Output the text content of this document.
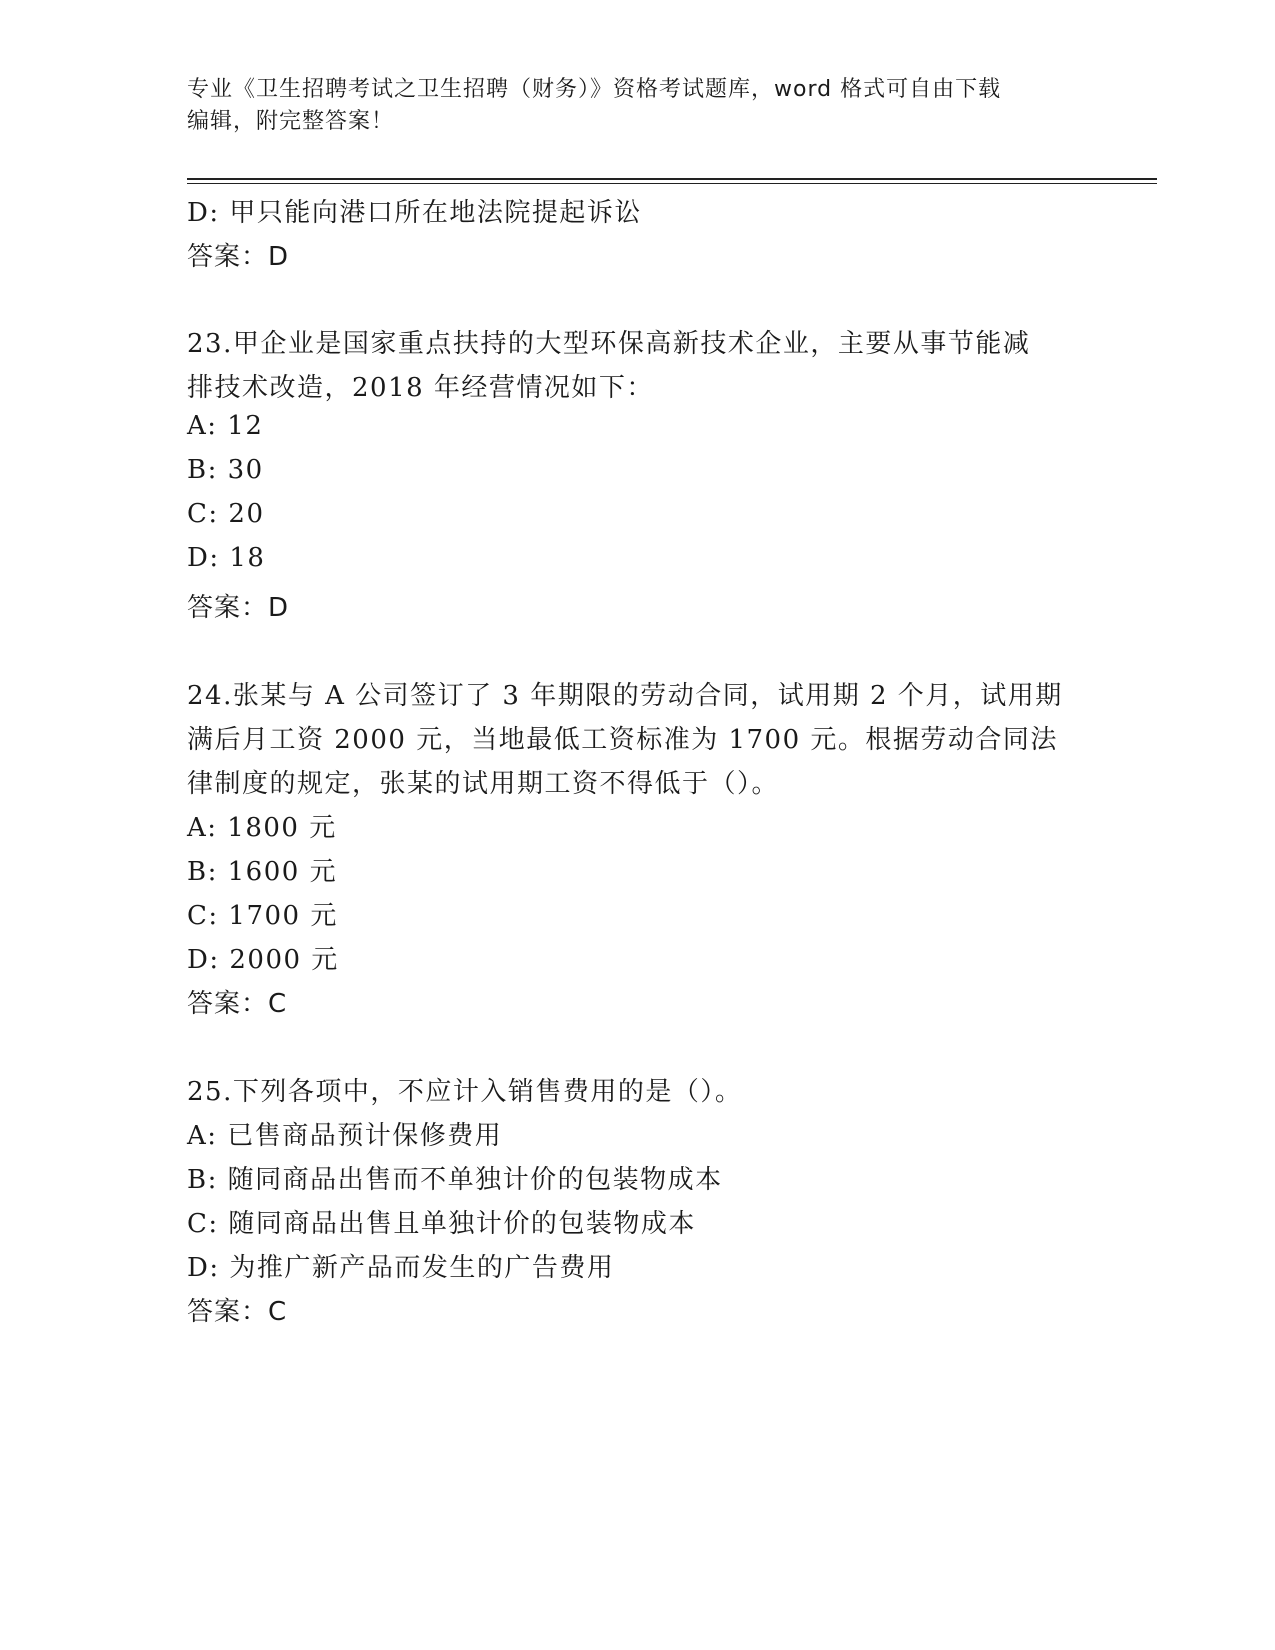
专业《卫生招聘考试之卫生招聘（财务）》资格考试题库，word 格式可自由下载
编辑，附完整答案！
D: 甲只能向港口所在地法院提起诉讼
答案：D
23.甲企业是国家重点扶持的大型环保高新技术企业，主要从事节能减
排技术改造，2018 年经营情况如下：
A: 12
B: 30
C: 20
D: 18
答案：D
24.张某与 A 公司签订了 3 年期限的劳动合同，试用期 2 个月，试用期
满后月工资 2000 元，当地最低工资标准为 1700 元。根据劳动合同法
律制度的规定，张某的试用期工资不得低于（）。
A: 1800 元
B: 1600 元
C: 1700 元
D: 2000 元
答案：C
25.下列各项中，不应计入销售费用的是（）。
A: 已售商品预计保修费用
B: 随同商品出售而不单独计价的包装物成本
C: 随同商品出售且单独计价的包装物成本
D: 为推广新产品而发生的广告费用
答案：C
